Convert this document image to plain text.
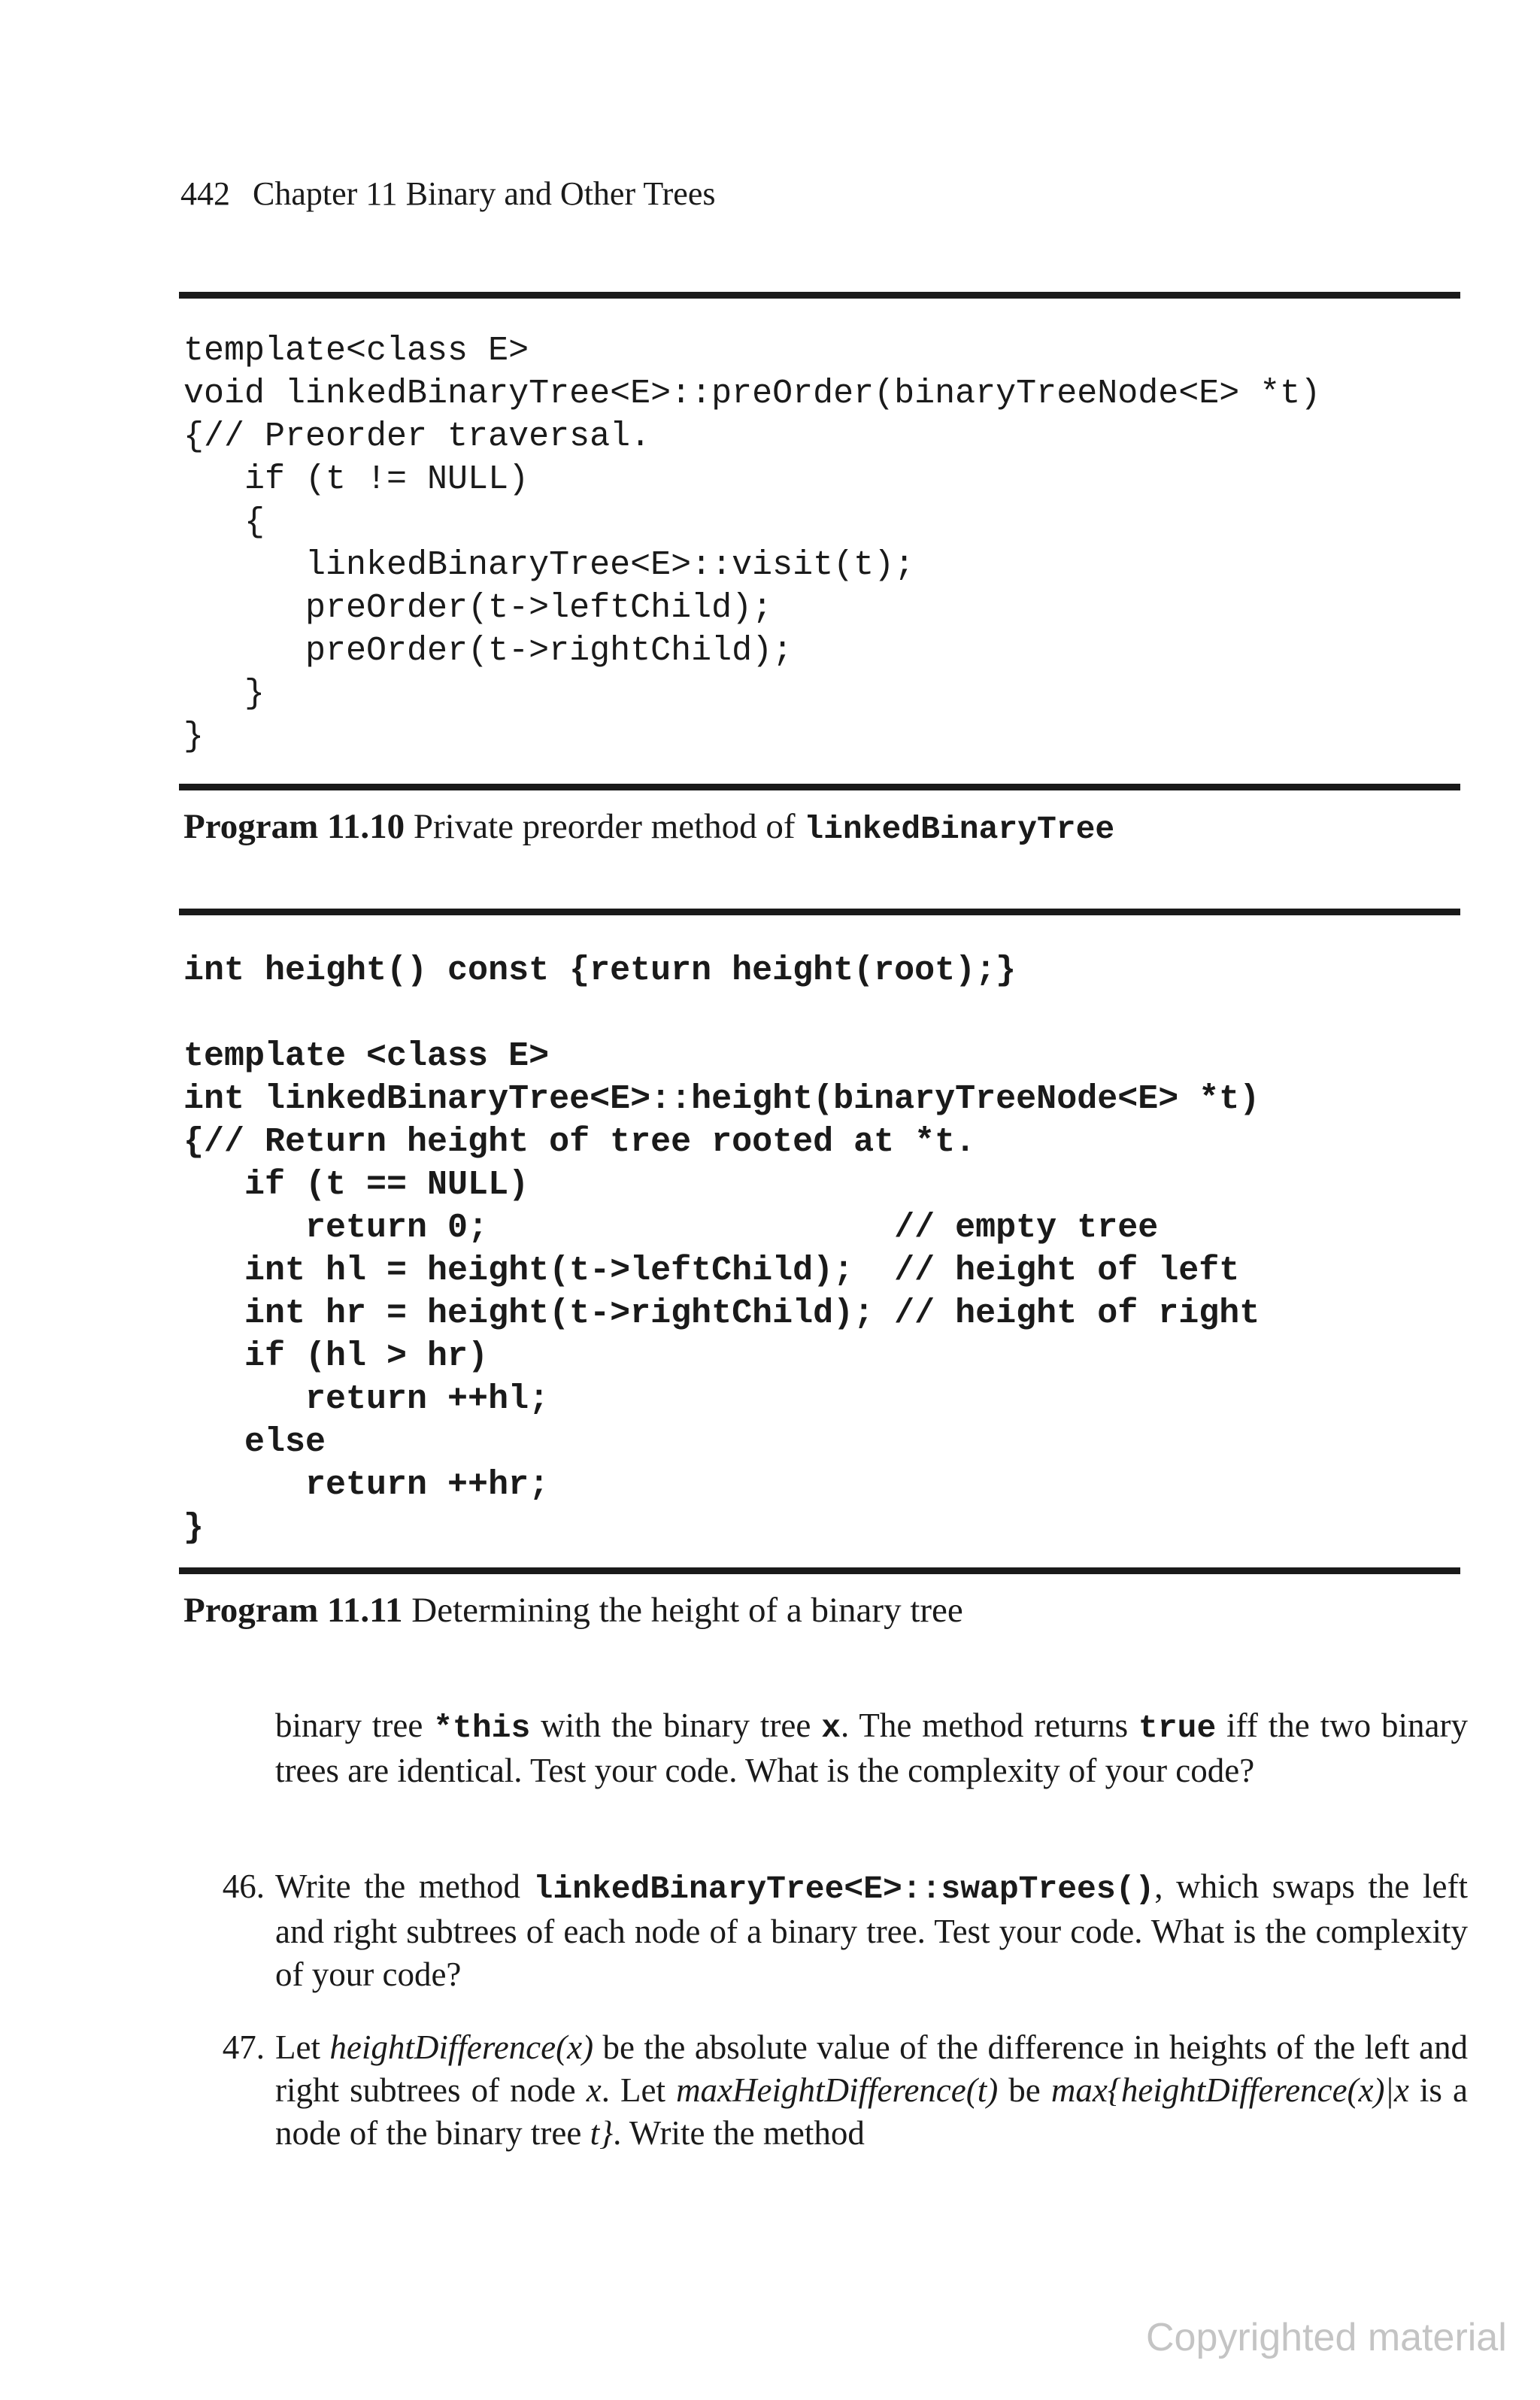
442 Chapter 11 Binary and Other Trees
template<class E>
void linkedBinaryTree<E>::preOrder(binaryTreeNode<E> *t)
{// Preorder traversal.
if (t != NULL)
{
linkedBinaryTree<E>::visit(t);
preOrder(t->leftChild);
preOrder(t->rightChild);
}
}
Program 11.10 Private preorder method of linkedBinaryTree
int height() const {return height(root);}
template <class E>
int linkedBinaryTree<E>::height(binaryTreeNode<E> *t)
{// Return height of tree rooted at *t.
if (t == NULL)
return 0;                    // empty tree
int hl = height(t->leftChild);  // height of left
int hr = height(t->rightChild); // height of right
if (hl > hr)
return ++hl;
else
return ++hr;
}
Program 11.11 Determining the height of a binary tree
binary tree *this with the binary tree x. The method returns true iff the two binary trees are identical. Test your code. What is the complexity of your code?
46. Write the method linkedBinaryTree<E>::swapTrees(), which swaps the left and right subtrees of each node of a binary tree. Test your code. What is the complexity of your code?
47. Let heightDifference(x) be the absolute value of the difference in heights of the left and right subtrees of node x. Let maxHeightDifference(t) be max{heightDifference(x)|x is a node of the binary tree t}. Write the method
Copyrighted material
